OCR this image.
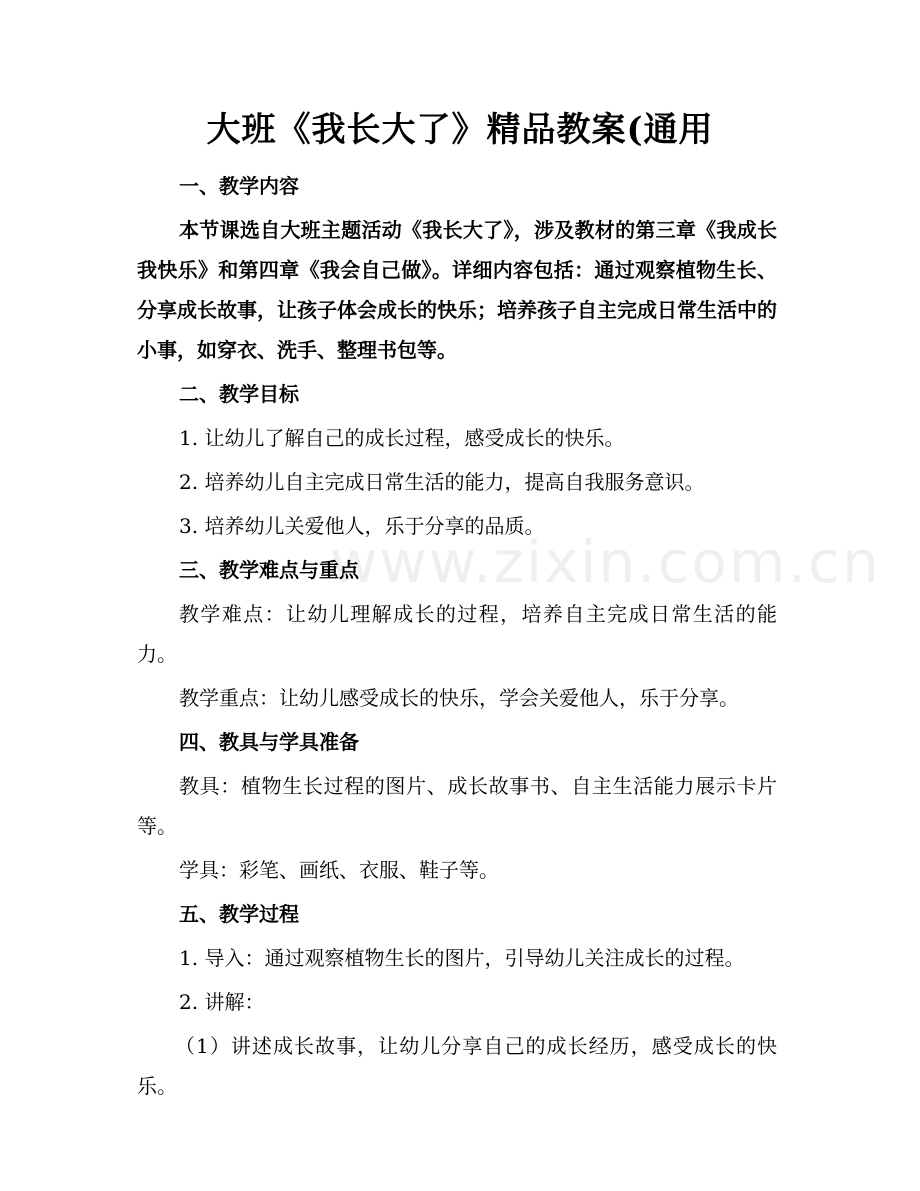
www.zixin.com.cn
大班《我长大了》精品教案(通用
一、教学内容
本节课选自大班主题活动《我长大了》，涉及教材的第三章《我成长我快乐》和第四章《我会自己做》。详细内容包括：通过观察植物生长、分享成长故事，让孩子体会成长的快乐；培养孩子自主完成日常生活中的小事，如穿衣、洗手、整理书包等。
二、教学目标
1. 让幼儿了解自己的成长过程，感受成长的快乐。
2. 培养幼儿自主完成日常生活的能力，提高自我服务意识。
3. 培养幼儿关爱他人，乐于分享的品质。
三、教学难点与重点
教学难点：让幼儿理解成长的过程，培养自主完成日常生活的能力。
教学重点：让幼儿感受成长的快乐，学会关爱他人，乐于分享。
四、教具与学具准备
教具：植物生长过程的图片、成长故事书、自主生活能力展示卡片等。
学具：彩笔、画纸、衣服、鞋子等。
五、教学过程
1. 导入：通过观察植物生长的图片，引导幼儿关注成长的过程。
2. 讲解：
（1）讲述成长故事，让幼儿分享自己的成长经历，感受成长的快乐。
